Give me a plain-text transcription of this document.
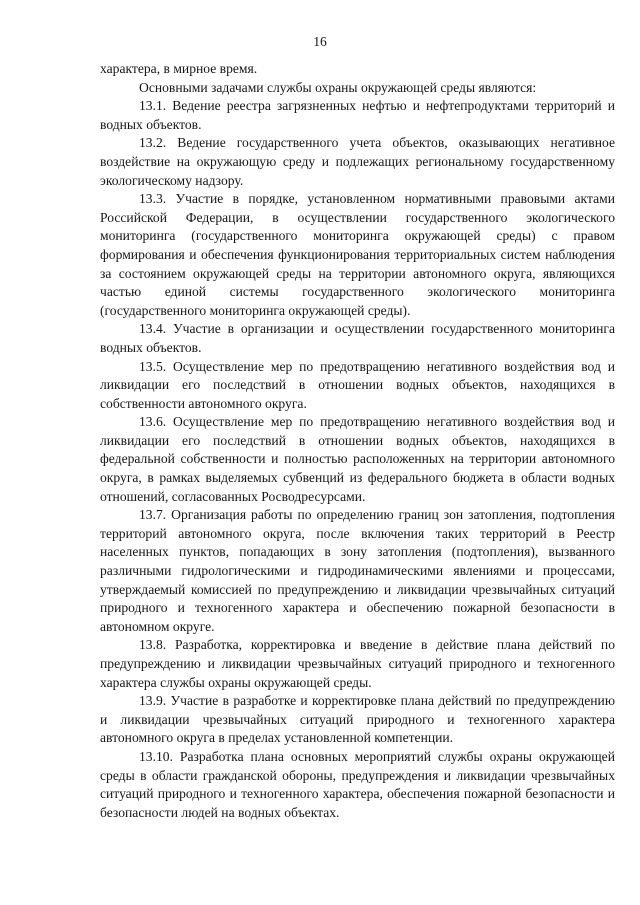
16

характера, в мирное время.

Основными задачами службы охраны окружающей среды являются:

13.1. Ведение реестра загрязненных нефтью и нефтепродуктами территорий и водных объектов.

13.2. Ведение государственного учета объектов, оказывающих негативное воздействие на окружающую среду и подлежащих региональному государственному экологическому надзору.

13.3. Участие в порядке, установленном нормативными правовыми актами Российской Федерации, в осуществлении государственного экологического мониторинга (государственного мониторинга окружающей среды) с правом формирования и обеспечения функционирования территориальных систем наблюдения за состоянием окружающей среды на территории автономного округа, являющихся частью единой системы государственного экологического мониторинга (государственного мониторинга окружающей среды).

13.4. Участие в организации и осуществлении государственного мониторинга водных объектов.

13.5. Осуществление мер по предотвращению негативного воздействия вод и ликвидации его последствий в отношении водных объектов, находящихся в собственности автономного округа.

13.6. Осуществление мер по предотвращению негативного воздействия вод и ликвидации его последствий в отношении водных объектов, находящихся в федеральной собственности и полностью расположенных на территории автономного округа, в рамках выделяемых субвенций из федерального бюджета в области водных отношений, согласованных Росводресурсами.

13.7. Организация работы по определению границ зон затопления, подтопления территорий автономного округа, после включения таких территорий в Реестр населенных пунктов, попадающих в зону затопления (подтопления), вызванного различными гидрологическими и гидродинамическими явлениями и процессами, утверждаемый комиссией по предупреждению и ликвидации чрезвычайных ситуаций природного и техногенного характера и обеспечению пожарной безопасности в автономном округе.

13.8. Разработка, корректировка и введение в действие плана действий по предупреждению и ликвидации чрезвычайных ситуаций природного и техногенного характера службы охраны окружающей среды.

13.9. Участие в разработке и корректировке плана действий по предупреждению и ликвидации чрезвычайных ситуаций природного и техногенного характера автономного округа в пределах установленной компетенции.

13.10. Разработка плана основных мероприятий службы охраны окружающей среды в области гражданской обороны, предупреждения и ликвидации чрезвычайных ситуаций природного и техногенного характера, обеспечения пожарной безопасности и безопасности людей на водных объектах.
